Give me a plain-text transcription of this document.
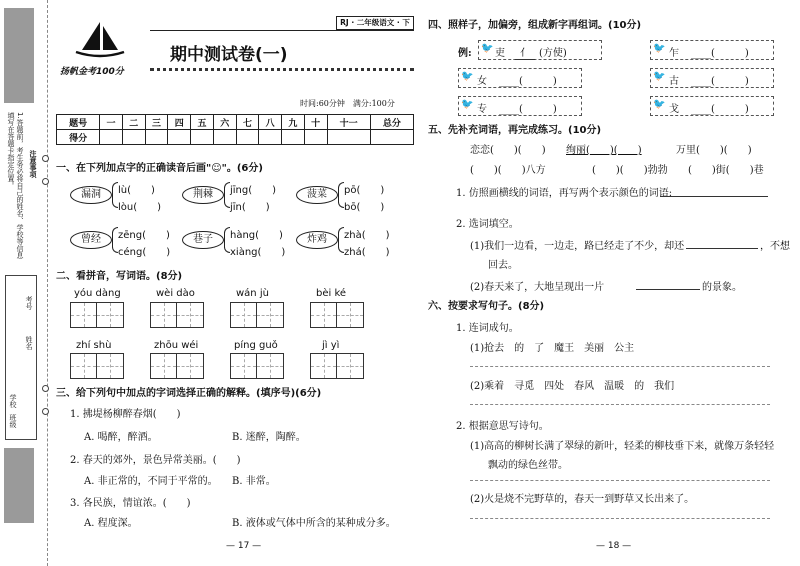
1.答题前，考生务必将自己的姓名、学校等信息填写在答题卡指定位置。	注意事项
学校
班级
姓名
考号
扬帆金考100分
RJ · 二年级语文 · 下
期中测试卷(一)
时间:60分钟　满分:100分
题号	一	二	三	四	五	六	七	八	九	十	十一	总分
得分												
一、在下列加点字的正确读音后画"☺"。(6分)
漏洞	lù(　　)
lòu(　　)
荆棘	jīng(　　)
jīn(　　)
菠菜	pō(　　)
bō(　　)
曾经	zēng(　　)
céng(　　)
巷子	hàng(　　)
xiàng(　　)
炸鸡	zhà(　　)
zhá(　　)
二、看拼音，写词语。(8分)
yóu dàng	wèi dào	wán jù	bèi ké
zhí shù	zhōu wéi	píng guǒ	jì yì
三、给下列句中加点的字词选择正确的解释。(填序号)(6分)
1. 拂堤杨柳醉春烟(　　)
A. 喝醉，醉酒。	B. 迷醉，陶醉。
2. 春天的郊外，景色异常美丽。(　　)
A. 非正常的，不同于平常的。 B. 非常。
3. 各民族，情谊浓。(　　)
A. 程度深。	B. 液体或气体中所含的某种成分多。
— 17 —
四、照样子，加偏旁，组成新字再组词。(10分)
例: 🐦 吏	亻 (方使)	🐦 乍 ____(　　　)
🐦 女 ____(　　　)	🐦 古 ____(　　　)
🐦 专 ____(　　　)	🐦 戈 ____(　　　)
五、先补充词语，再完成练习。(10分)
恋恋(　　)(　　) 绚丽(　　)(　　)	万里(　　)(　　)
(　　)(　　)八方	(　　)(　　)勃勃 (　　)街(　　)巷
1. 仿照画横线的词语，再写两个表示颜色的词语:
2. 选词填空。
(1)我们一边看，一边走，路已经走了不少，却还	，不想
回去。
(2)春天来了，大地呈现出一片	的景象。
六、按要求写句子。(8分)
1. 连词成句。
(1)抢去　的　了　魔王　美丽　公主
(2)乘着　寻觅　四处　春风　温暖　的　我们
2. 根据意思写诗句。
(1)高高的柳树长满了翠绿的新叶，轻柔的柳枝垂下来，就像万条轻轻
飘动的绿色丝带。
(2)火是烧不完野草的，春天一到野草又长出来了。
— 18 —
